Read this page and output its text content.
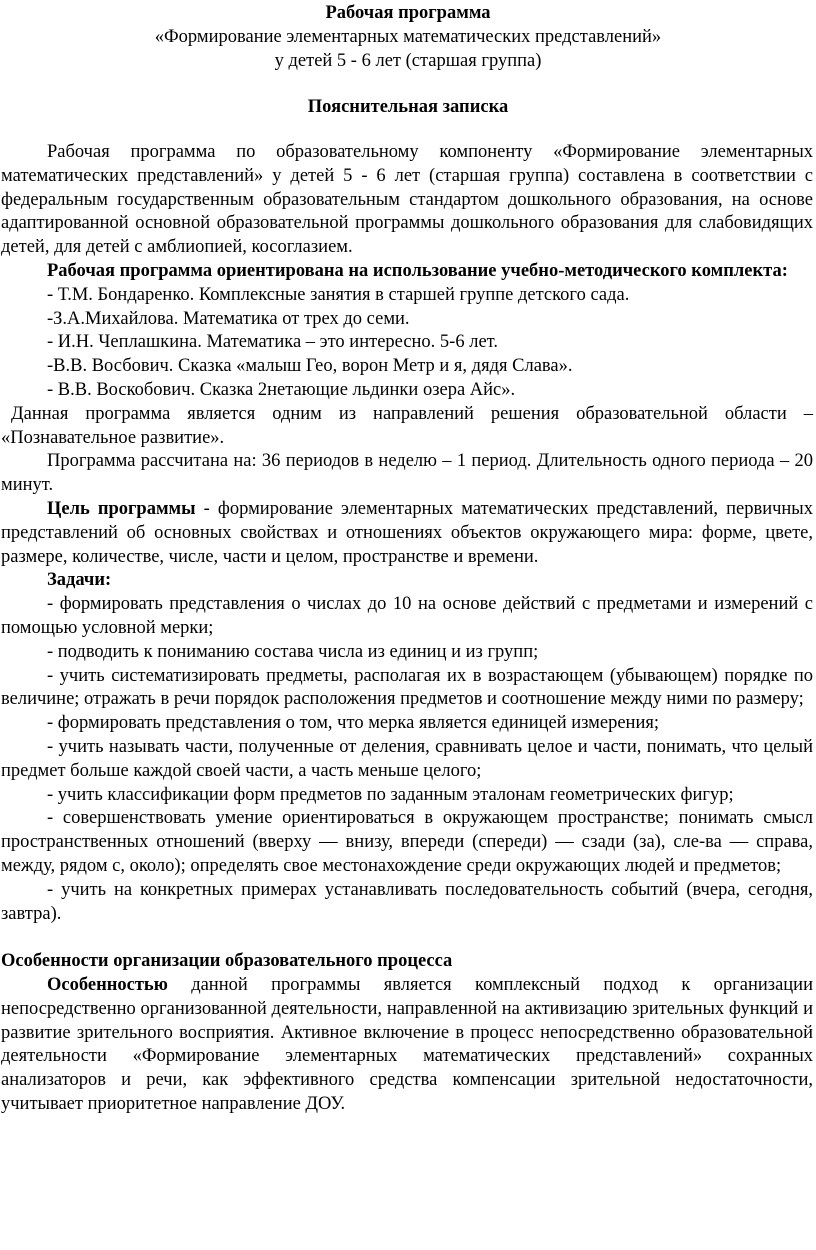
Рабочая программа
«Формирование элементарных математических представлений»
у детей 5 - 6 лет (старшая группа)
Пояснительная записка

Рабочая программа по образовательному компоненту «Формирование элементарных математических представлений» у детей 5 - 6 лет (старшая группа) составлена в соответствии с федеральным государственным образовательным стандартом дошкольного образования, на основе адаптированной основной образовательной программы дошкольного образования для слабовидящих детей, для детей с амблиопией, косоглазием.

Рабочая программа ориентирована на использование учебно-методического комплекта:

- Т.М. Бондаренко. Комплексные занятия в старшей группе детского сада.

-З.А.Михайлова. Математика от трех до семи.

- И.Н. Чеплашкина. Математика – это интересно. 5-6 лет.

-В.В. Восбович. Сказка «малыш Гео, ворон Метр и я, дядя Слава».

- В.В. Воскобович. Сказка 2нетающие льдинки озера Айс».

Данная программа является одним из направлений решения образовательной области – «Познавательное развитие».

Программа рассчитана на: 36 периодов в неделю – 1 период. Длительность одного периода – 20 минут.

Цель программы - формирование элементарных математических представлений, первичных представлений об основных свойствах и отношениях объектов окружающего мира: форме, цвете, размере, количестве, числе, части и целом, пространстве и времени.

Задачи:

- формировать представления о числах до 10 на основе действий с предметами и измерений с помощью условной мерки;

- подводить к пониманию состава числа из единиц и из групп;

- учить систематизировать предметы, располагая их в возрастающем (убывающем) порядке по величине; отражать в речи порядок расположения предметов и соотношение между ними по размеру;

- формировать представления о том, что мерка является единицей измерения;

- учить называть части, полученные от деления, сравнивать целое и части, понимать, что целый предмет больше каждой своей части, а часть меньше целого;

- учить классификации форм предметов по заданным эталонам геометрических фигур;

- совершенствовать умение ориентироваться в окружающем пространстве; понимать смысл пространственных отношений (вверху — внизу, впереди (спереди) — сзади (за), сле-ва — справа, между, рядом с, около); определять свое местонахождение среди окружающих людей и предметов;

- учить на конкретных примерах устанавливать последовательность событий (вчера, сегодня, завтра).

Особенности организации образовательного процесса

Особенностью данной программы является комплексный подход к организации непосредственно организованной деятельности, направленной на активизацию зрительных функций и развитие зрительного восприятия. Активное включение в процесс непосредственно образовательной деятельности «Формирование элементарных математических представлений» сохранных анализаторов и речи, как эффективного средства компенсации зрительной недостаточности, учитывает приоритетное направление ДОУ.
